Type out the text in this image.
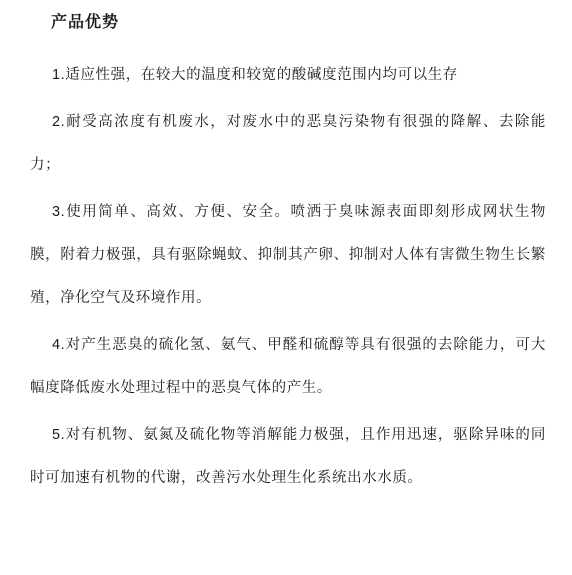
产品优势

1.适应性强，在较大的温度和较宽的酸碱度范围内均可以生存

2.耐受高浓度有机废水，对废水中的恶臭污染物有很强的降解、去除能力；

3.使用简单、高效、方便、安全。喷洒于臭味源表面即刻形成网状生物膜，附着力极强，具有驱除蝇蚊、抑制其产卵、抑制对人体有害微生物生长繁殖，净化空气及环境作用。

4.对产生恶臭的硫化氢、氨气、甲醛和硫醇等具有很强的去除能力，可大幅度降低废水处理过程中的恶臭气体的产生。

5.对有机物、氨氮及硫化物等消解能力极强，且作用迅速，驱除异味的同时可加速有机物的代谢，改善污水处理生化系统出水水质。
